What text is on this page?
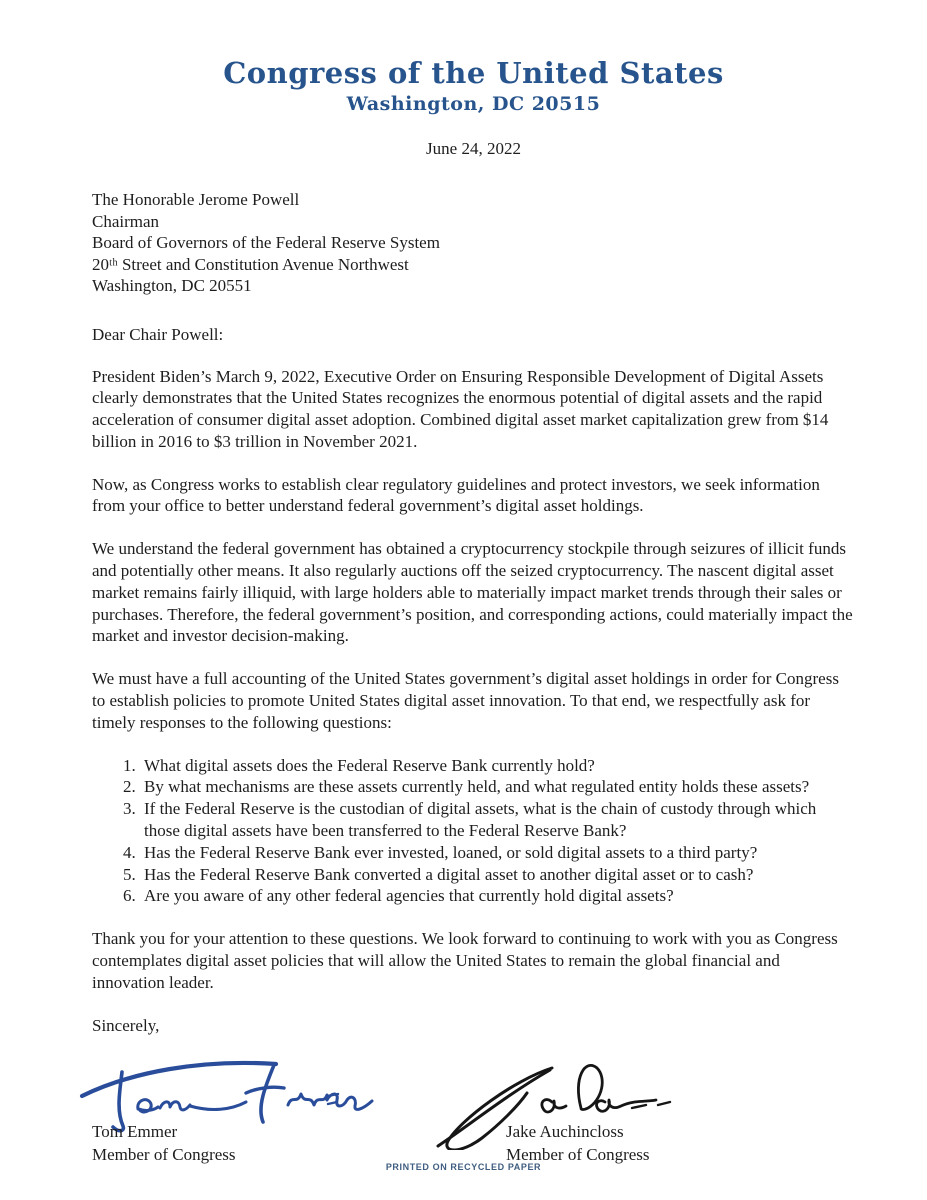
Congress of the United States
Washington, DC 20515
June 24, 2022
The Honorable Jerome Powell
Chairman
Board of Governors of the Federal Reserve System
20ᵗʰ Street and Constitution Avenue Northwest
Washington, DC 20551
Dear Chair Powell:

President Biden’s March 9, 2022, Executive Order on Ensuring Responsible Development of Digital Assets clearly demonstrates that the United States recognizes the enormous potential of digital assets and the rapid acceleration of consumer digital asset adoption. Combined digital asset market capitalization grew from $14 billion in 2016 to $3 trillion in November 2021.

Now, as Congress works to establish clear regulatory guidelines and protect investors, we seek information from your office to better understand federal government’s digital asset holdings.

We understand the federal government has obtained a cryptocurrency stockpile through seizures of illicit funds and potentially other means. It also regularly auctions off the seized cryptocurrency. The nascent digital asset market remains fairly illiquid, with large holders able to materially impact market trends through their sales or purchases. Therefore, the federal government’s position, and corresponding actions, could materially impact the market and investor decision-making.

We must have a full accounting of the United States government’s digital asset holdings in order for Congress to establish policies to promote United States digital asset innovation. To that end, we respectfully ask for timely responses to the following questions:

1. What digital assets does the Federal Reserve Bank currently hold?
2. By what mechanisms are these assets currently held, and what regulated entity holds these assets?
3. If the Federal Reserve is the custodian of digital assets, what is the chain of custody through which those digital assets have been transferred to the Federal Reserve Bank?
4. Has the Federal Reserve Bank ever invested, loaned, or sold digital assets to a third party?
5. Has the Federal Reserve Bank converted a digital asset to another digital asset or to cash?
6. Are you aware of any other federal agencies that currently hold digital assets?

Thank you for your attention to these questions. We look forward to continuing to work with you as Congress contemplates digital asset policies that will allow the United States to remain the global financial and innovation leader.

Sincerely,
Tom Emmer
Member of Congress
Jake Auchincloss
Member of Congress
PRINTED ON RECYCLED PAPER
